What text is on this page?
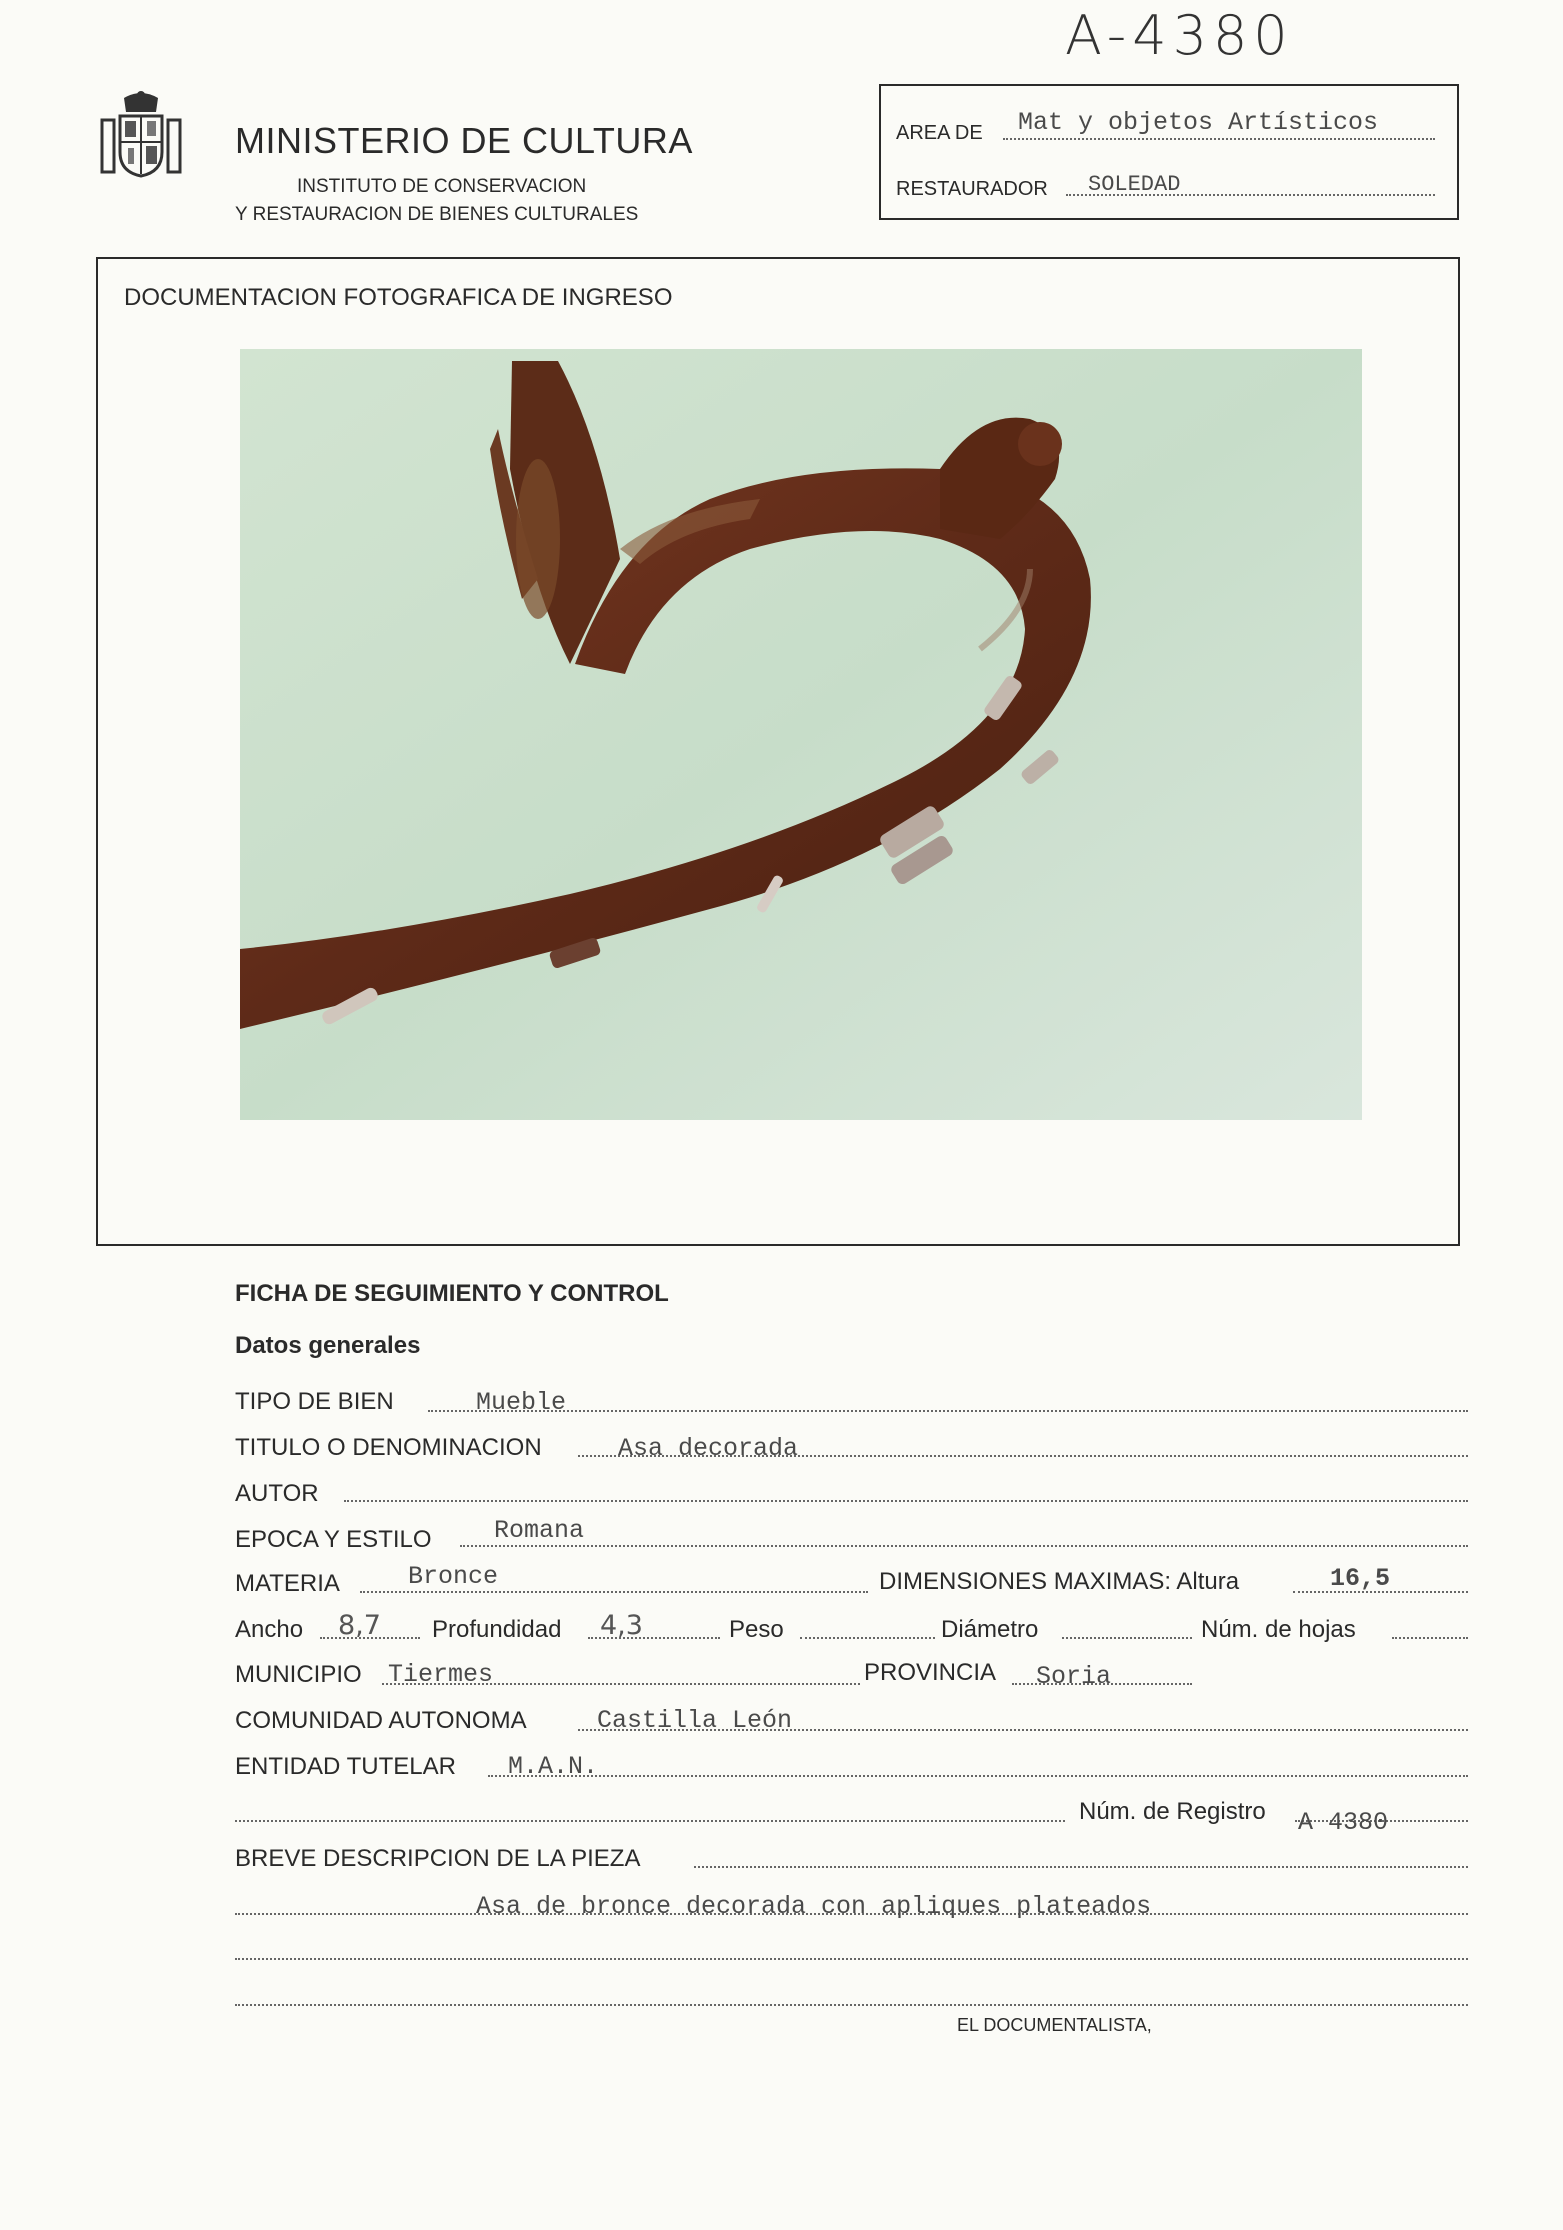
A-4380
MINISTERIO DE CULTURA
INSTITUTO DE CONSERVACION
Y RESTAURACION DE BIENES CULTURALES
AREA DE Mat y objetos Artísticos
RESTAURADOR SOLEDAD
DOCUMENTACION FOTOGRAFICA DE INGRESO
FICHA DE SEGUIMIENTO Y CONTROL
Datos generales
TIPO DE BIEN	Mueble
TITULO O DENOMINACION	Asa decorada
AUTOR
EPOCA Y ESTILO Romana
MATERIA	Bronce	DIMENSIONES MAXIMAS: Altura	16,5
Ancho 8,7 Profundidad 4,3	Peso	Diámetro	Núm. de hojas
MUNICIPIO Tiermes	PROVINCIA Soria
COMUNIDAD AUTONOMA	Castilla León
ENTIDAD TUTELAR M.A.N.
Núm. de Registro A 4380
BREVE DESCRIPCION DE LA PIEZA
Asa de bronce decorada con apliques plateados
EL DOCUMENTALISTA,
